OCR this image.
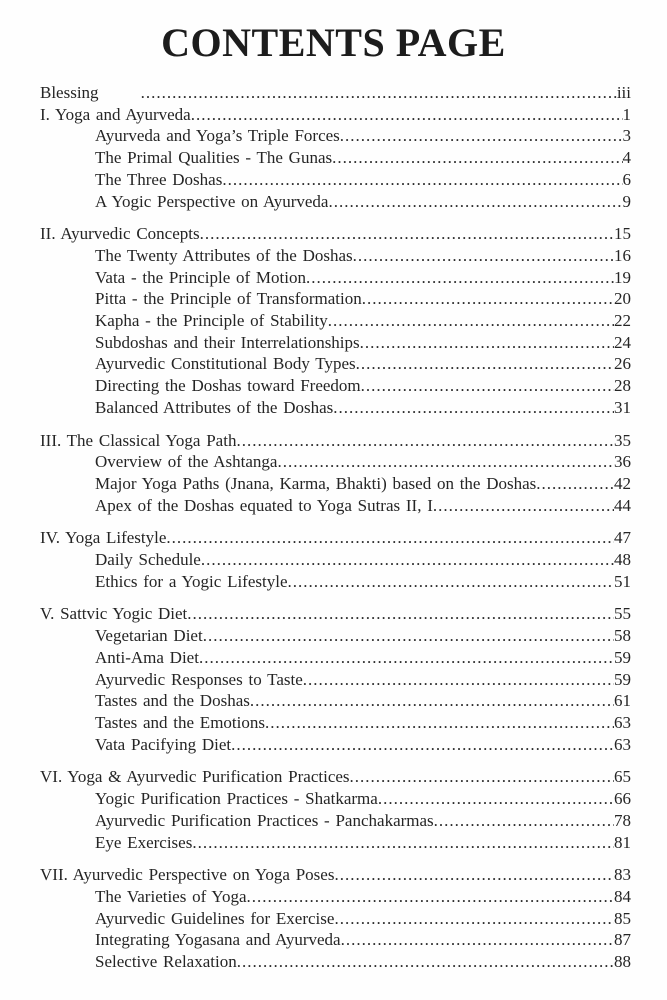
CONTENTS PAGE
Blessing .....	iii
I. Yoga and Ayurveda .....	1
Ayurveda and Yoga’s Triple Forces .....	3
The Primal Qualities - The Gunas .....	4
The Three Doshas .....	6
A Yogic Perspective on Ayurveda .....	9
II. Ayurvedic Concepts .....	15
The Twenty Attributes of the Doshas .....	16
Vata - the Principle of Motion .....	19
Pitta - the Principle of Transformation .....	20
Kapha - the Principle of Stability .....	22
Subdoshas and their Interrelationships .....	24
Ayurvedic Constitutional Body Types .....	26
Directing the Doshas toward Freedom .....	28
Balanced Attributes of the Doshas .....	31
III. The Classical Yoga Path .....	35
Overview of the Ashtanga .....	36
Major Yoga Paths (Jnana, Karma, Bhakti) based on the Doshas .....	42
Apex of the Doshas equated to Yoga Sutras II, I .....	44
IV. Yoga Lifestyle .....	47
Daily Schedule .....	48
Ethics for a Yogic Lifestyle .....	51
V. Sattvic Yogic Diet .....	55
Vegetarian Diet .....	58
Anti-Ama Diet .....	59
Ayurvedic Responses to Taste .....	59
Tastes and the Doshas .....	61
Tastes and the Emotions .....	63
Vata Pacifying Diet .....	63
VI. Yoga & Ayurvedic Purification Practices .....	65
Yogic Purification Practices - Shatkarma .....	66
Ayurvedic Purification Practices - Panchakarmas .....	78
Eye Exercises .....	81
VII. Ayurvedic Perspective on Yoga Poses .....	83
The Varieties of Yoga .....	84
Ayurvedic Guidelines for Exercise .....	85
Integrating Yogasana and Ayurveda .....	87
Selective Relaxation .....	88
